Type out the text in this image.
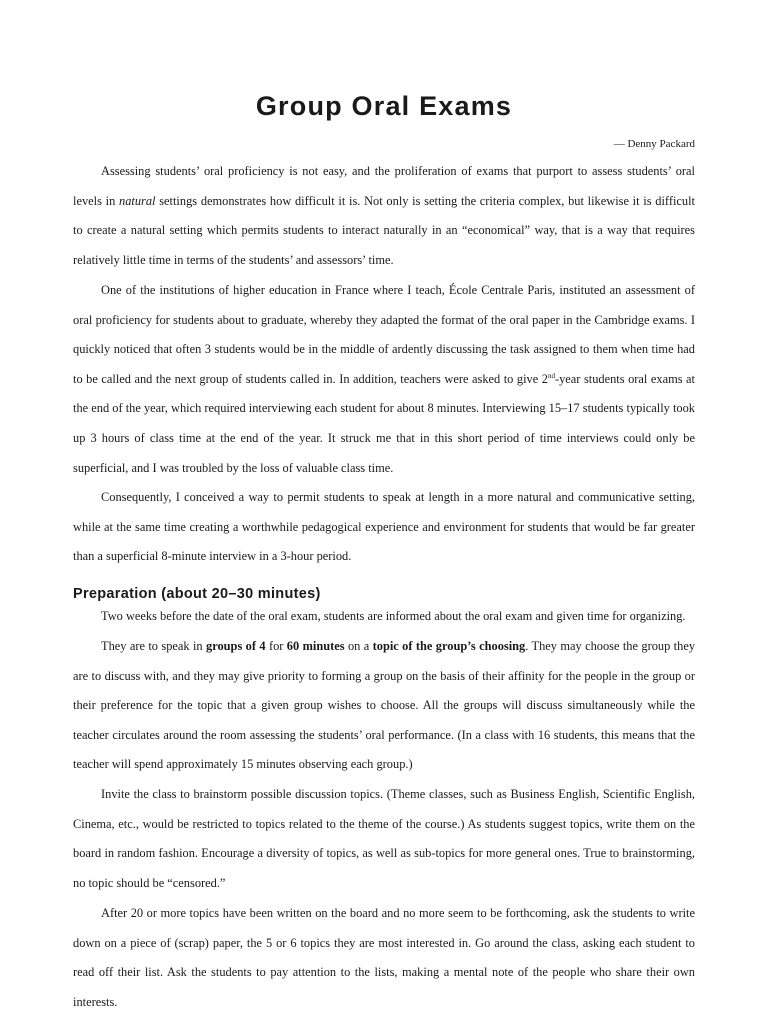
Group Oral Exams

— Denny Packard

Assessing students’ oral proficiency is not easy, and the proliferation of exams that purport to assess students’ oral levels in natural settings demonstrates how difficult it is. Not only is setting the criteria complex, but likewise it is difficult to create a natural setting which permits students to interact naturally in an “economical” way, that is a way that requires relatively little time in terms of the students’ and assessors’ time.

One of the institutions of higher education in France where I teach, École Centrale Paris, instituted an assessment of oral proficiency for students about to graduate, whereby they adapted the format of the oral paper in the Cambridge exams. I quickly noticed that often 3 students would be in the middle of ardently discussing the task assigned to them when time had to be called and the next group of students called in. In addition, teachers were asked to give 2nd-year students oral exams at the end of the year, which required interviewing each student for about 8 minutes. Interviewing 15–17 students typically took up 3 hours of class time at the end of the year. It struck me that in this short period of time interviews could only be superficial, and I was troubled by the loss of valuable class time.

Consequently, I conceived a way to permit students to speak at length in a more natural and communicative setting, while at the same time creating a worthwhile pedagogical experience and environment for students that would be far greater than a superficial 8-minute interview in a 3-hour period.

Preparation (about 20–30 minutes)

Two weeks before the date of the oral exam, students are informed about the oral exam and given time for organizing.

They are to speak in groups of 4 for 60 minutes on a topic of the group’s choosing. They may choose the group they are to discuss with, and they may give priority to forming a group on the basis of their affinity for the people in the group or their preference for the topic that a given group wishes to choose. All the groups will discuss simultaneously while the teacher circulates around the room assessing the students’ oral performance. (In a class with 16 students, this means that the teacher will spend approximately 15 minutes observing each group.)

Invite the class to brainstorm possible discussion topics. (Theme classes, such as Business English, Scientific English, Cinema, etc., would be restricted to topics related to the theme of the course.) As students suggest topics, write them on the board in random fashion. Encourage a diversity of topics, as well as sub-topics for more general ones. True to brainstorming, no topic should be “censored.”

After 20 or more topics have been written on the board and no more seem to be forthcoming, ask the students to write down on a piece of (scrap) paper, the 5 or 6 topics they are most interested in. Go around the class, asking each student to read off their list. Ask the students to pay attention to the lists, making a mental note of the people who share their own interests.
